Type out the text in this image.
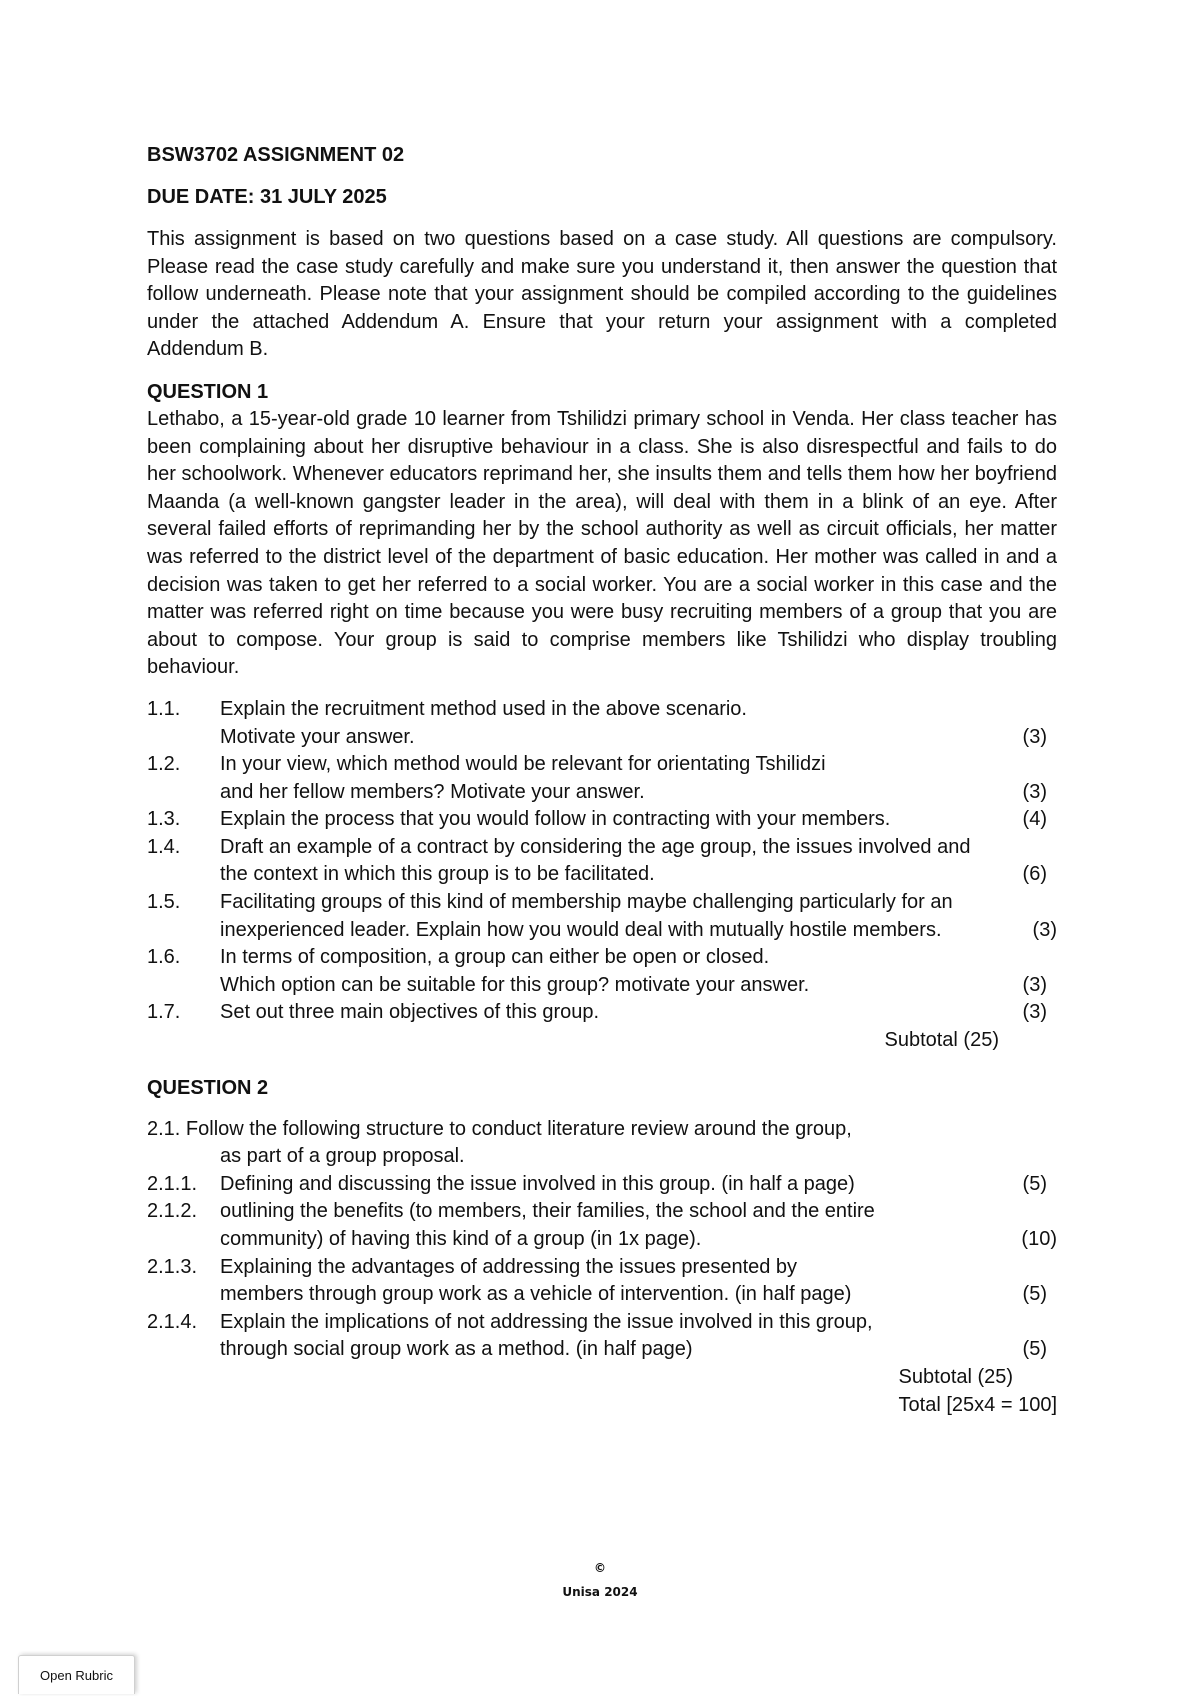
BSW3702 ASSIGNMENT 02

DUE DATE: 31 JULY 2025

This assignment is based on two questions based on a case study. All questions are compulsory. Please read the case study carefully and make sure you understand it, then answer the question that follow underneath. Please note that your assignment should be compiled according to the guidelines under the attached Addendum A. Ensure that your return your assignment with a completed Addendum B.

QUESTION 1

Lethabo, a 15-year-old grade 10 learner from Tshilidzi primary school in Venda. Her class teacher has been complaining about her disruptive behaviour in a class. She is also disrespectful and fails to do her schoolwork. Whenever educators reprimand her, she insults them and tells them how her boyfriend Maanda (a well-known gangster leader in the area), will deal with them in a blink of an eye. After several failed efforts of reprimanding her by the school authority as well as circuit officials, her matter was referred to the district level of the department of basic education. Her mother was called in and a decision was taken to get her referred to a social worker. You are a social worker in this case and the matter was referred right on time because you were busy recruiting members of a group that you are about to compose. Your group is said to comprise members like Tshilidzi who display troubling behaviour.

1.1.	Explain the recruitment method used in the above scenario.
Motivate your answer.	(3)
1.2.	In your view, which method would be relevant for orientating Tshilidzi
and her fellow members? Motivate your answer.	(3)
1.3.	Explain the process that you would follow in contracting with your members.	(4)
1.4.	Draft an example of a contract by considering the age group, the issues involved and
the context in which this group is to be facilitated.	(6)
1.5.	Facilitating groups of this kind of membership maybe challenging particularly for an
inexperienced leader. Explain how you would deal with mutually hostile members.	(3)
1.6.	In terms of composition, a group can either be open or closed.
Which option can be suitable for this group? motivate your answer.	(3)
1.7.	Set out three main objectives of this group.	(3)
Subtotal (25)

QUESTION 2

2.1. Follow the following structure to conduct literature review around the group,
as part of a group proposal.
2.1.1.	Defining and discussing the issue involved in this group. (in half a page)	(5)
2.1.2.	outlining the benefits (to members, their families, the school and the entire
community) of having this kind of a group (in 1x page).	(10)
2.1.3.	Explaining the advantages of addressing the issues presented by
members through group work as a vehicle of intervention. (in half page)	(5)
2.1.4.	Explain the implications of not addressing the issue involved in this group,
through social group work as a method. (in half page)	(5)
Subtotal (25)
Total [25x4 = 100]
©
Unisa 2024
Open Rubric
